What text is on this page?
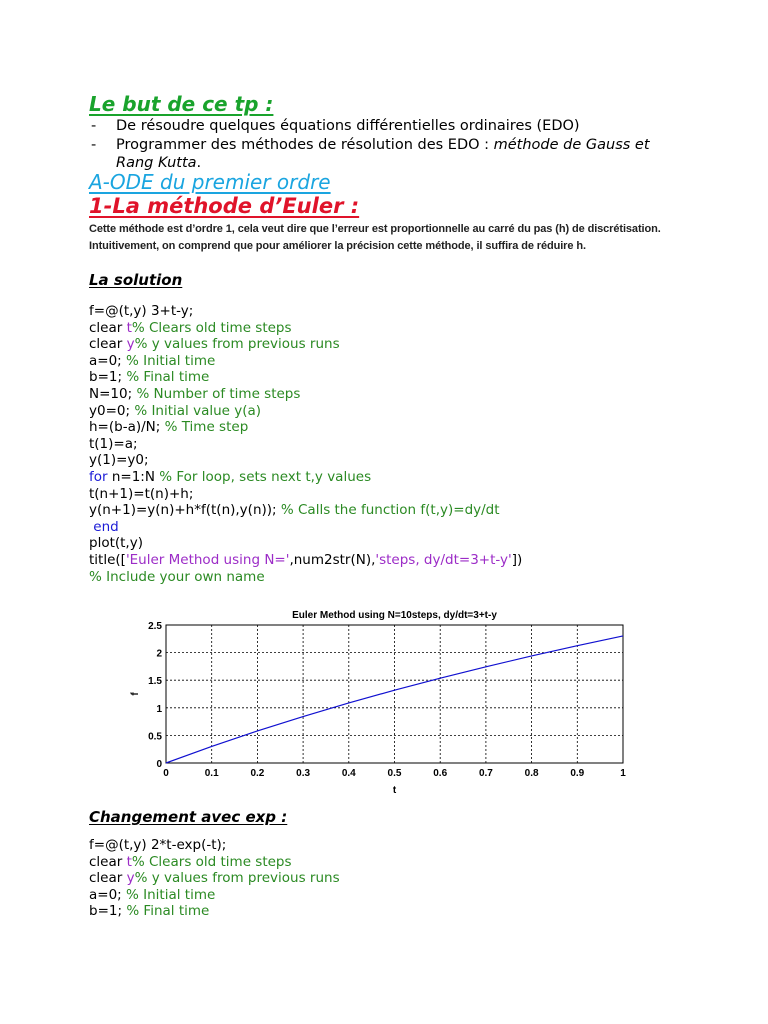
Le but de ce tp :
- De résoudre quelques équations différentielles ordinaires (EDO)
- Programmer des méthodes de résolution des EDO : méthode de Gauss et Rang Kutta.
A-ODE du premier ordre
1-La méthode d’Euler :

Cette méthode est d’ordre 1, cela veut dire que l’erreur est proportionnelle au carré du pas (h) de discrétisation. Intuitivement, on comprend que pour améliorer la précision cette méthode, il suffira de réduire h.

La solution
f=@(t,y) 3+t-y;
clear t% Clears old time steps
clear y% y values from previous runs
a=0; % Initial time
b=1; % Final time
N=10; % Number of time steps
y0=0; % Initial value y(a)
h=(b-a)/N; % Time step
t(1)=a;
y(1)=y0;
for n=1:N % For loop, sets next t,y values
t(n+1)=t(n)+h;
y(n+1)=y(n)+h*f(t(n),y(n)); % Calls the function f(t,y)=dy/dt
end
plot(t,y)
title(['Euler Method using N=',num2str(N),'steps, dy/dt=3+t-y'])
% Include your own name
0	0.1	0.2	0.3	0.4	0.5	0.6	0.7	0.8	0.9	1
0
0.5
1
1.5
2
2.5
Euler Method using N=10steps, dy/dt=3+t-y
t
f
Changement avec exp :
f=@(t,y) 2*t-exp(-t);
clear t% Clears old time steps
clear y% y values from previous runs
a=0; % Initial time
b=1; % Final time
